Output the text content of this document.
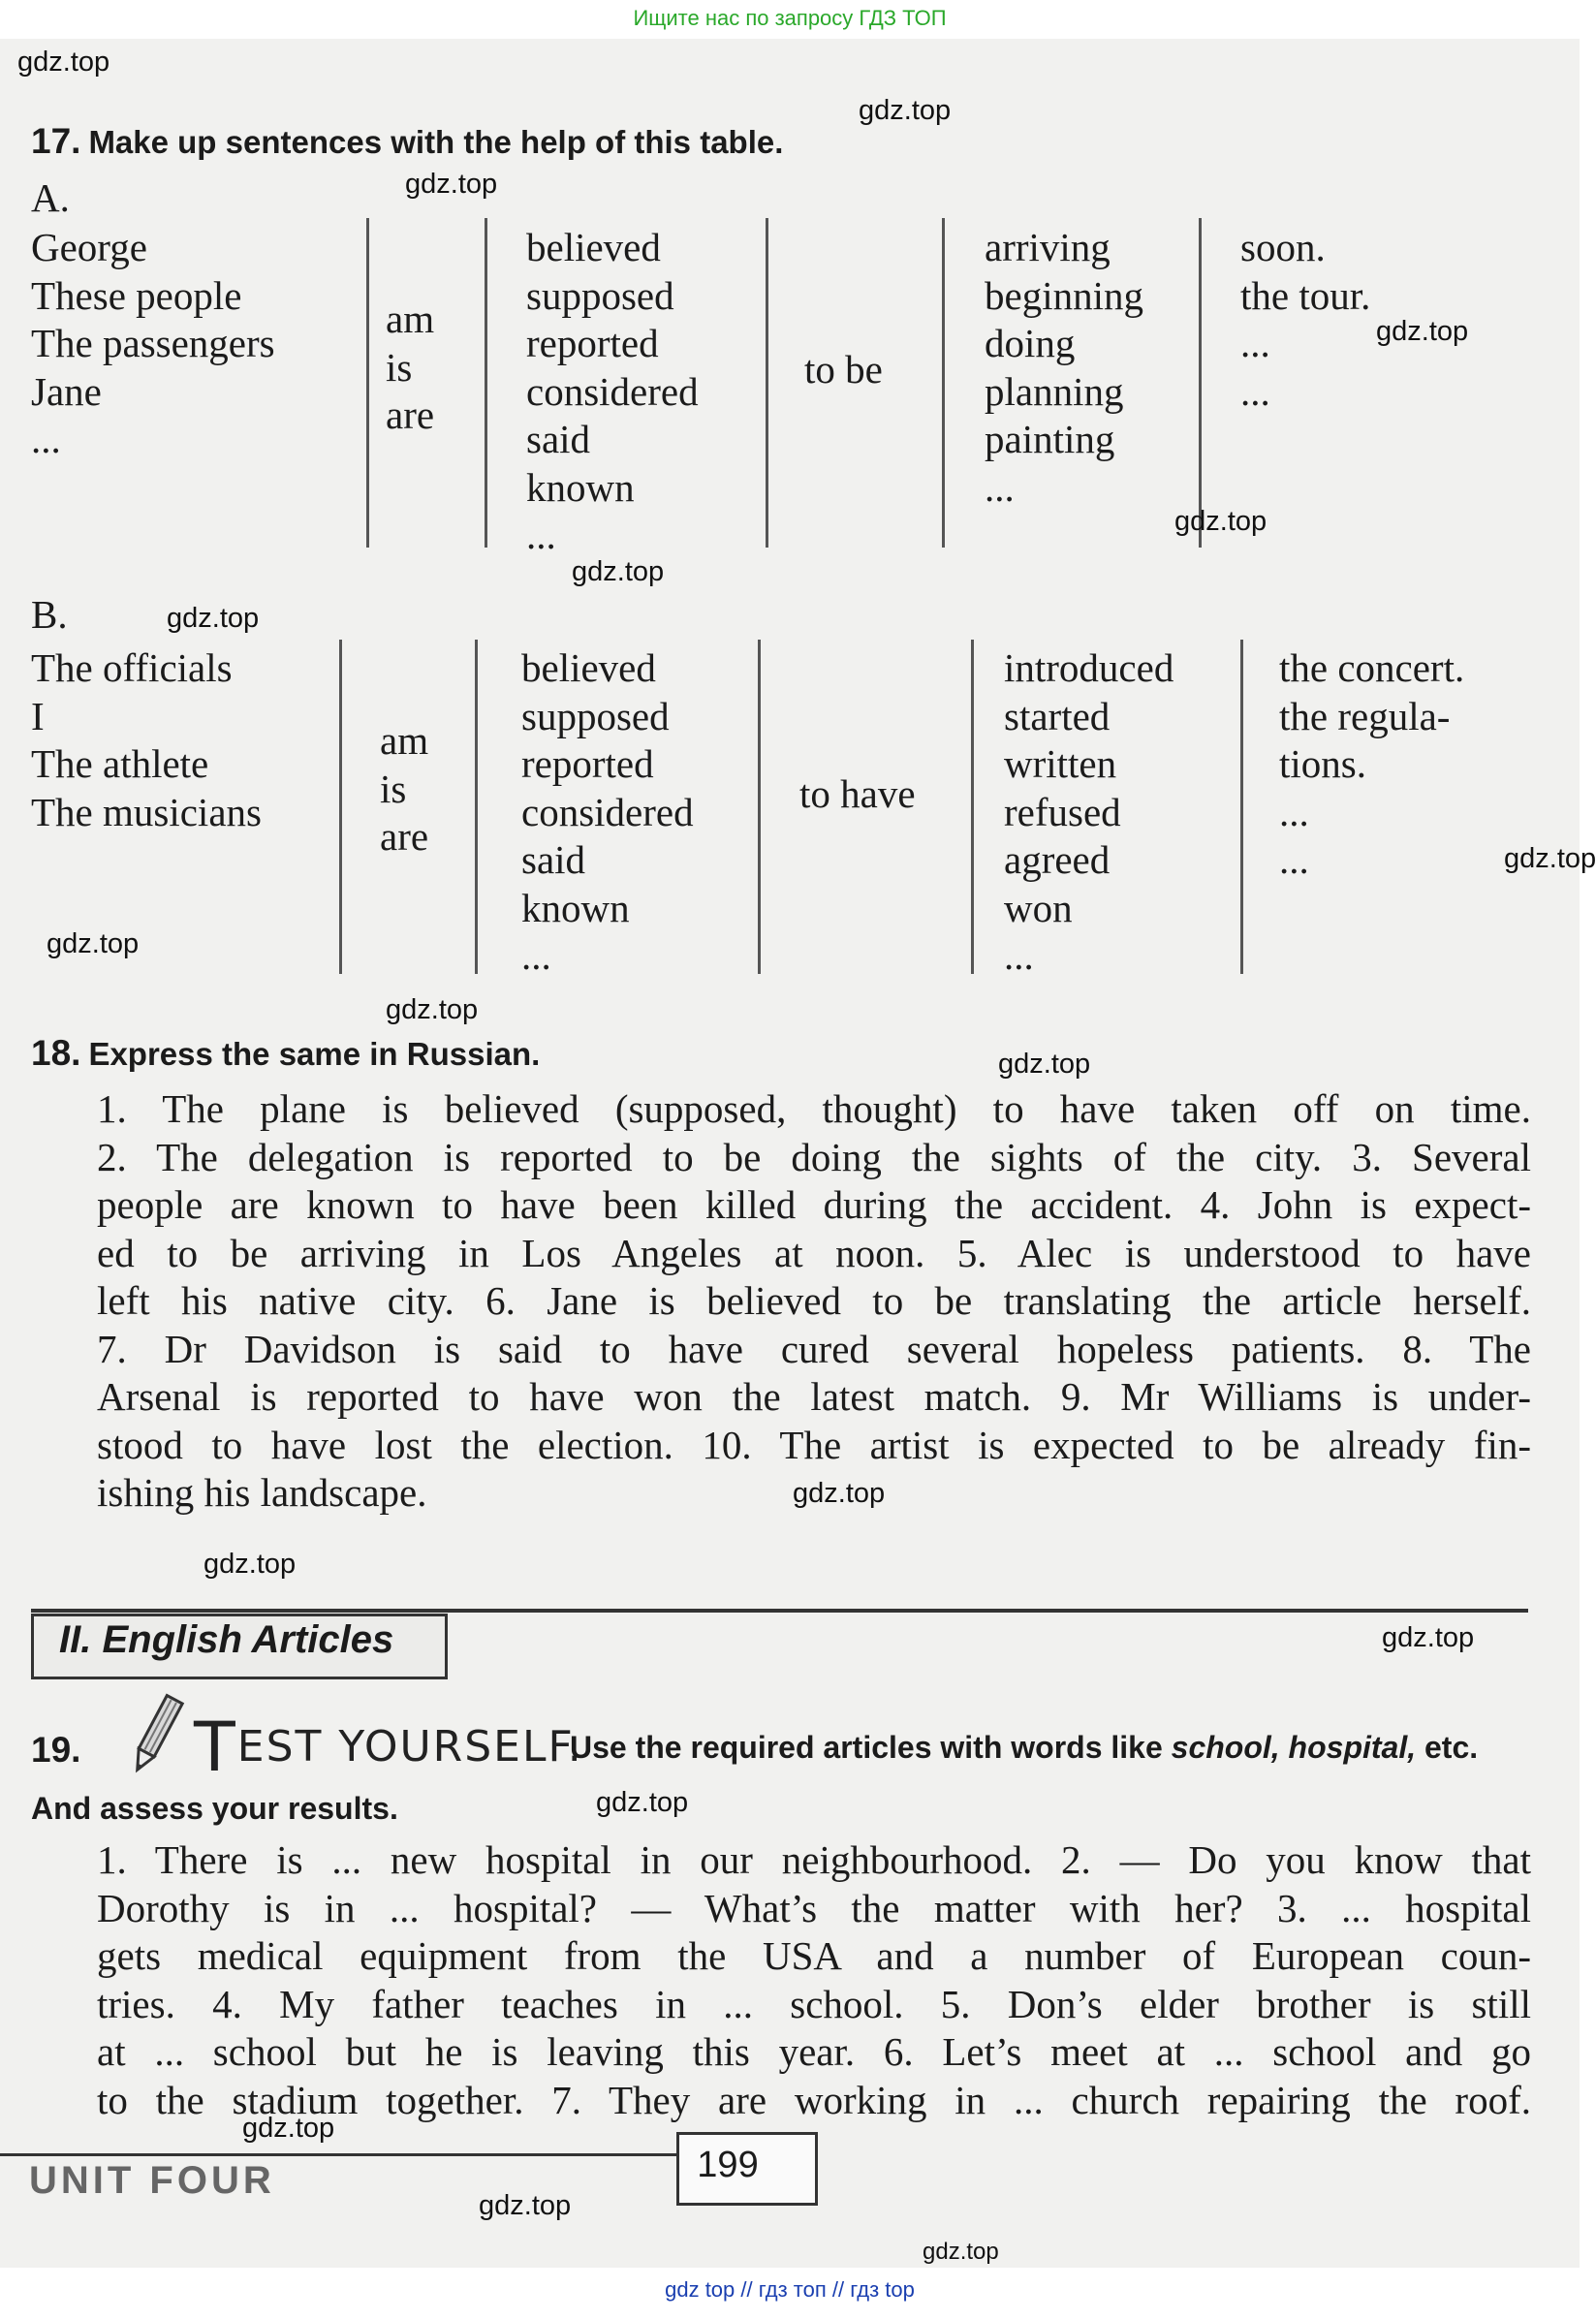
Ищите нас по запросу ГДЗ ТОП
17. Make up sentences with the help of this table.
A.
George
These people
The passengers
Jane
...
am
is
are
believed
supposed
reported
considered
said
known
...
to be
arriving
beginning
doing
planning
painting
...
soon.
the tour.
...
...
B.
The officials
I
The athlete
The musicians
am
is
are
believed
supposed
reported
considered
said
known
...
to have
introduced
started
written
refused
agreed
won
...
the concert.
the regula-
tions.
...
...
18. Express the same in Russian.
1. The plane is believed (supposed, thought) to have taken off on time.
2. The delegation is reported to be doing the sights of the city. 3. Several
people are known to have been killed during the accident. 4. John is expect-
ed to be arriving in Los Angeles at noon. 5. Alec is understood to have
left his native city. 6. Jane is believed to be translating the article herself.
7. Dr Davidson is said to have cured several hopeless patients. 8. The
Arsenal is reported to have won the latest match. 9. Mr Williams is under-
stood to have lost the election. 10. The artist is expected to be already fin-
ishing his landscape.
II. English Articles
19. TEST YOURSELF.
Use the required articles with words like school, hospital, etc.
And assess your results.
1. There is ... new hospital in our neighbourhood. 2. — Do you know that
Dorothy is in ... hospital? — What’s the matter with her? 3. ... hospital
gets medical equipment from the USA and a number of European coun-
tries. 4. My father teaches in ... school. 5. Don’s elder brother is still
at ... school but he is leaving this year. 6. Let’s meet at ... school and go
to the stadium together. 7. They are working in ... church repairing the roof.
UNIT FOUR	199
gdz top // гдз топ // гдз top
gdz.top
gdz.top
gdz.top
gdz.top
gdz.top
gdz.top
gdz.top
gdz.top
gdz.top
gdz.top
gdz.top
gdz.top
gdz.top
gdz.top
gdz.top
gdz.top
gdz.top
gdz.top
